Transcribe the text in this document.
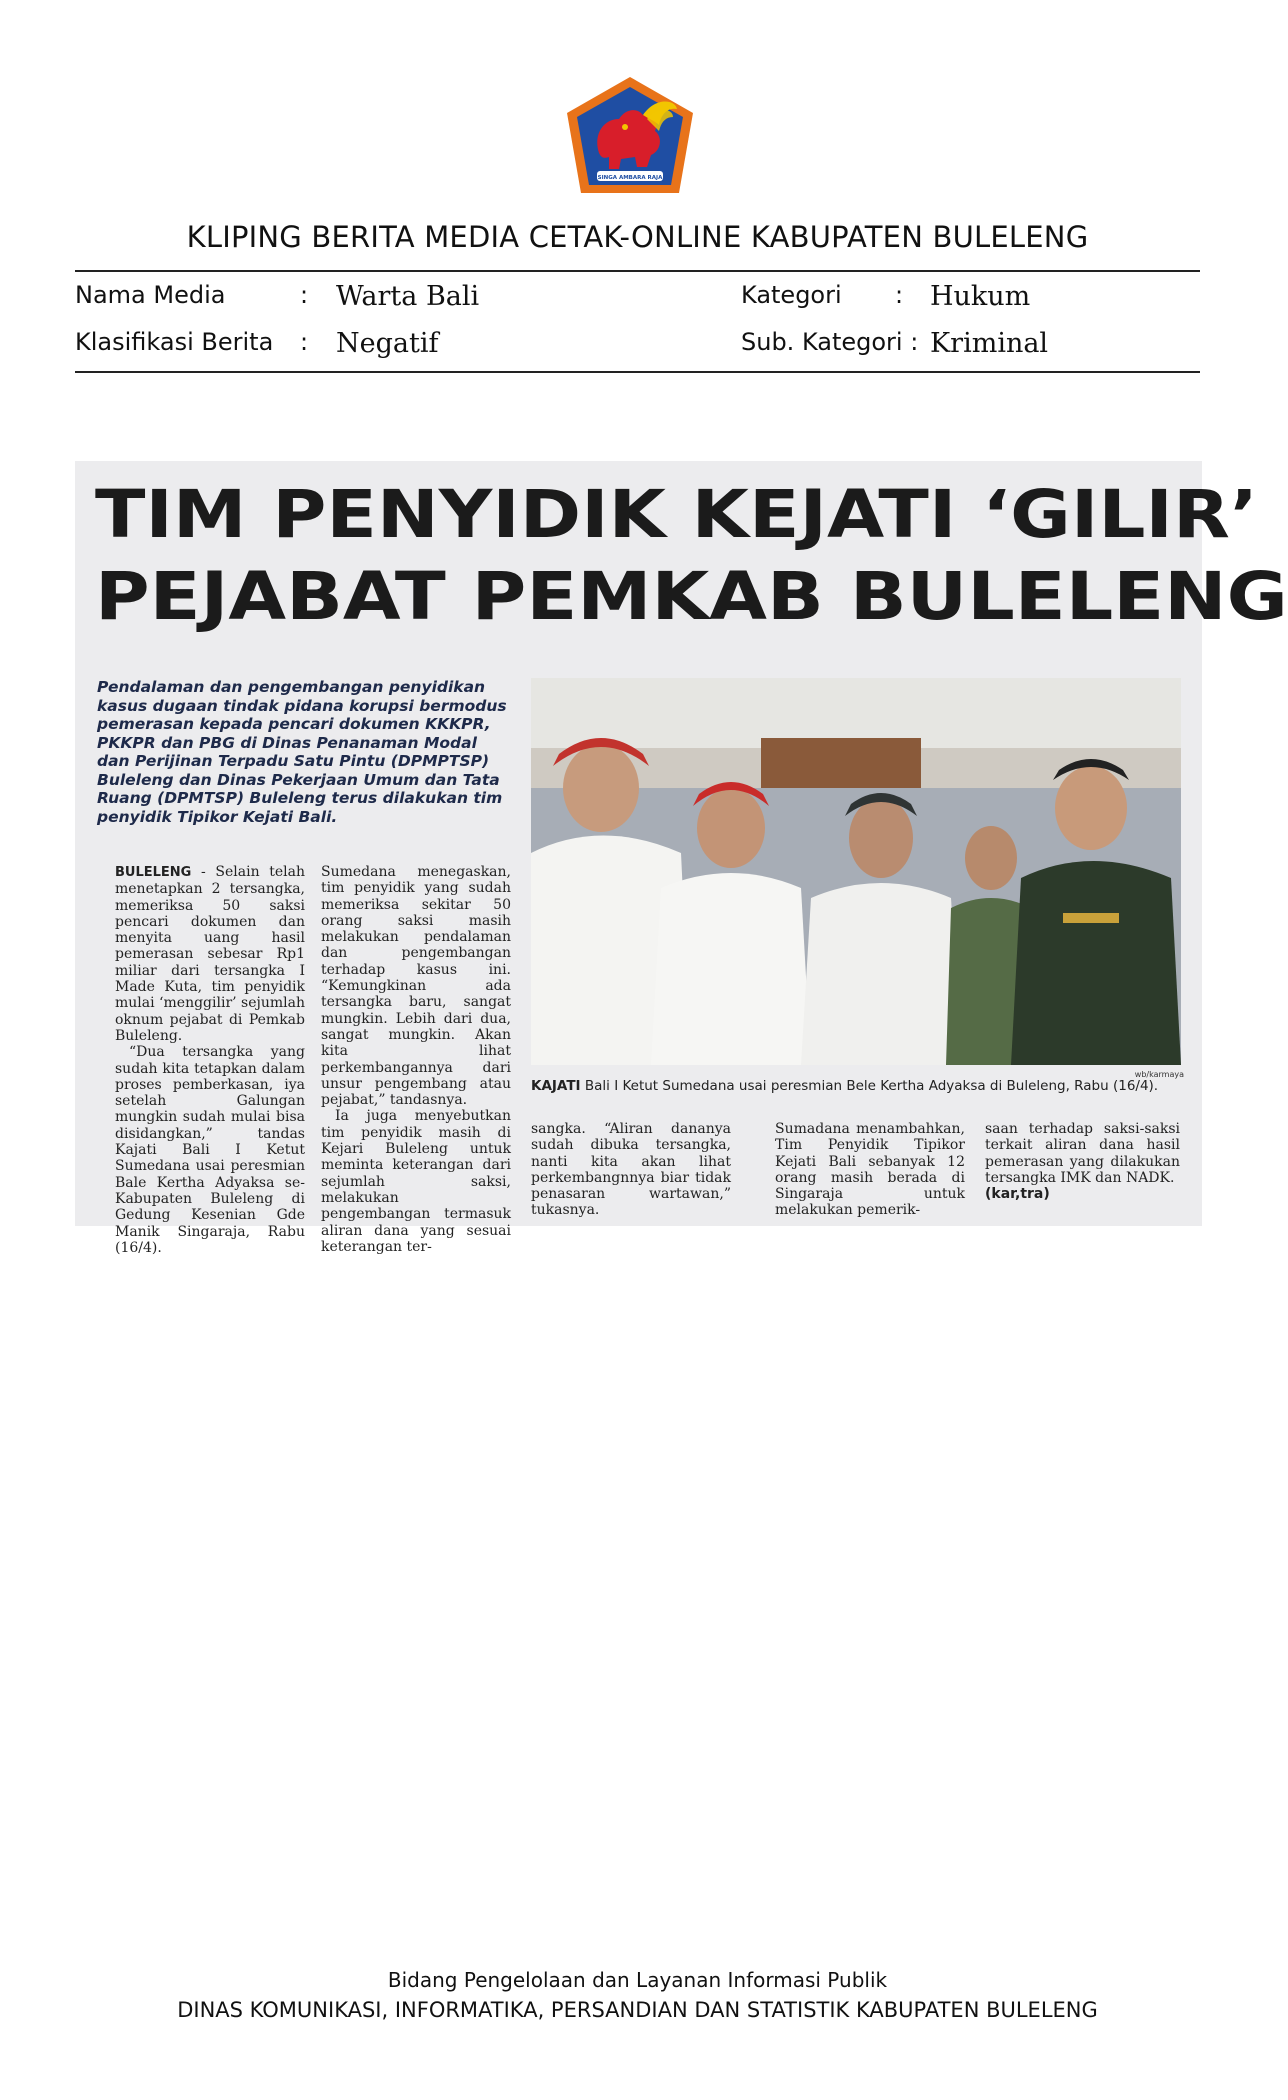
SINGA AMBARA RAJA
KLIPING BERITA MEDIA CETAK-ONLINE KABUPATEN BULELENG
Nama Media	: Warta Bali	Kategori : Hukum
Klasifikasi Berita : Negatif	Sub. Kategori : Kriminal
TIM PENYIDIK KEJATI ‘GILIR’
PEJABAT PEMKAB BULELENG
Pendalaman dan pengembangan penyidikan kasus dugaan tindak pidana korupsi bermodus pemerasan kepada pencari dokumen KKKPR, PKKPR dan PBG di Dinas Penanaman Modal dan Perijinan Terpadu Satu Pintu (DPMPTSP) Buleleng dan Dinas Pekerjaan Umum dan Tata Ruang (DPMTSP) Buleleng terus dilakukan tim penyidik Tipikor Kejati Bali.

BULELENG - Selain telah menetapkan 2 tersangka, memeriksa 50 saksi pencari dokumen dan menyita uang hasil pemerasan sebesar Rp1 miliar dari tersangka I Made Kuta, tim penyidik mulai ‘menggilir’ sejumlah oknum pejabat di Pemkab Buleleng.

“Dua tersangka yang sudah kita tetapkan dalam proses pemberkasan, iya setelah Galungan mungkin sudah mulai bisa disidangkan,” tandas Kajati Bali I Ketut Sumedana usai peresmian Bale Kertha Adyaksa se-Kabupaten Buleleng di Gedung Kesenian Gde Manik Singaraja, Rabu (16/4).

Sumedana menegaskan, tim penyidik yang sudah memeriksa sekitar 50 orang saksi masih melakukan pendalaman dan pengembangan terhadap kasus ini. “Kemungkinan ada tersangka baru, sangat mungkin. Lebih dari dua, sangat mungkin. Akan kita lihat perkembangannya dari unsur pengembang atau pejabat,” tandasnya.

Ia juga menyebutkan tim penyidik masih di Kejari Buleleng untuk meminta keterangan dari sejumlah saksi, melakukan pengembangan termasuk aliran dana yang sesuai keterangan ter-

wb/karmaya
KAJATI Bali I Ketut Sumedana usai peresmian Bele Kertha Adyaksa di Buleleng, Rabu (16/4).

sangka. “Aliran dananya sudah dibuka tersangka, nanti kita akan lihat perkembangnnya biar tidak penasaran wartawan,” tukasnya.

Sumadana menambahkan, Tim Penyidik Tipikor Kejati Bali sebanyak 12 orang masih berada di Singaraja untuk melakukan pemerik-

saan terhadap saksi-saksi terkait aliran dana hasil pemerasan yang dilakukan tersangka IMK dan NADK.

(kar,tra)

Bidang Pengelolaan dan Layanan Informasi Publik
DINAS KOMUNIKASI, INFORMATIKA, PERSANDIAN DAN STATISTIK KABUPATEN BULELENG
